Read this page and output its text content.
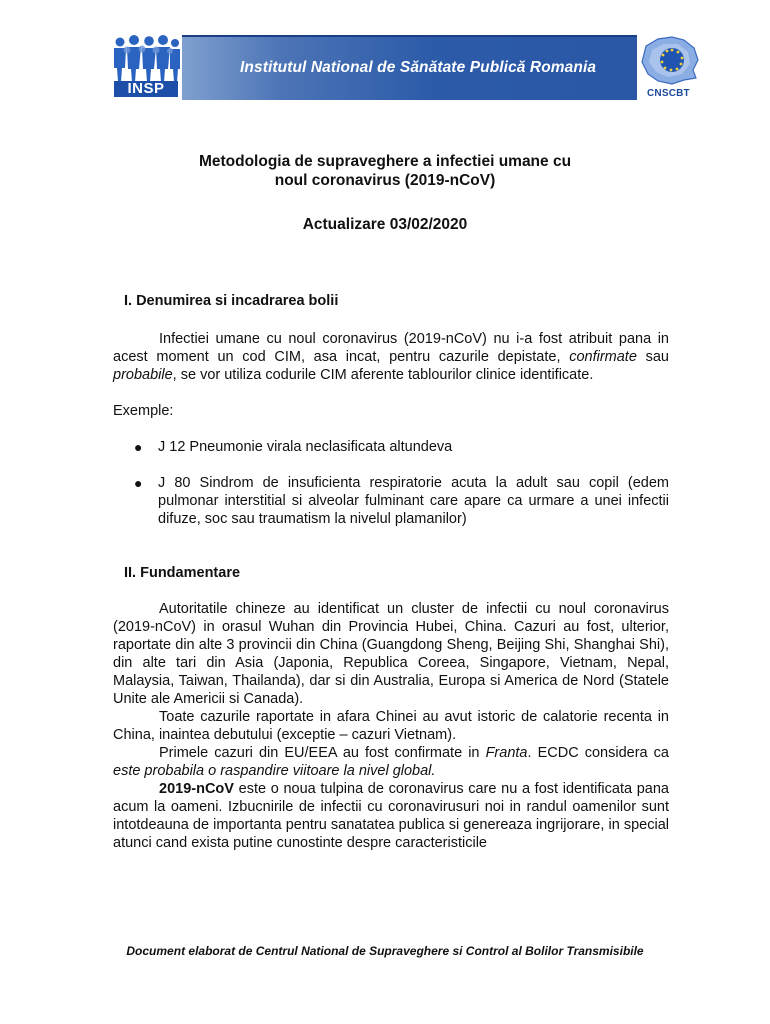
INSP
Institutul National de Sănătate Publică Romania
CNSCBT
Metodologia de supraveghere a infectiei umane cu
noul coronavirus (2019-nCoV)
Actualizare 03/02/2020
I. Denumirea si incadrarea bolii
Infectiei umane cu noul coronavirus (2019-nCoV) nu i-a fost atribuit pana in acest moment un cod CIM, asa incat, pentru cazurile depistate, confirmate sau probabile, se vor utiliza codurile CIM aferente tablourilor clinice identificate.
Exemple:
● J 12 Pneumonie virala neclasificata altundeva
● J 80 Sindrom de insuficienta respiratorie acuta la adult sau copil (edem pulmonar interstitial si alveolar fulminant care apare ca urmare a unei infectii difuze, soc sau traumatism la nivelul plamanilor)
II. Fundamentare
Autoritatile chineze au identificat un cluster de infectii cu noul coronavirus (2019-nCoV) in orasul Wuhan din Provincia Hubei, China. Cazuri au fost, ulterior, raportate din alte 3 provincii din China (Guangdong Sheng, Beijing Shi, Shanghai Shi), din alte tari din Asia (Japonia, Republica Coreea, Singapore, Vietnam, Nepal, Malaysia, Taiwan, Thailanda), dar si din Australia, Europa si America de Nord (Statele Unite ale Americii si Canada).
Toate cazurile raportate in afara Chinei au avut istoric de calatorie recenta in China, inaintea debutului (exceptie – cazuri Vietnam).
Primele cazuri din EU/EEA au fost confirmate in Franta. ECDC considera ca este probabila o raspandire viitoare la nivel global.
2019-nCoV este o noua tulpina de coronavirus care nu a fost identificata pana acum la oameni. Izbucnirile de infectii cu coronavirusuri noi in randul oamenilor sunt intotdeauna de importanta pentru sanatatea publica si genereaza ingrijorare, in special atunci cand exista putine cunostinte despre caracteristicile
Document elaborat de Centrul National de Supraveghere si Control al Bolilor Transmisibile
